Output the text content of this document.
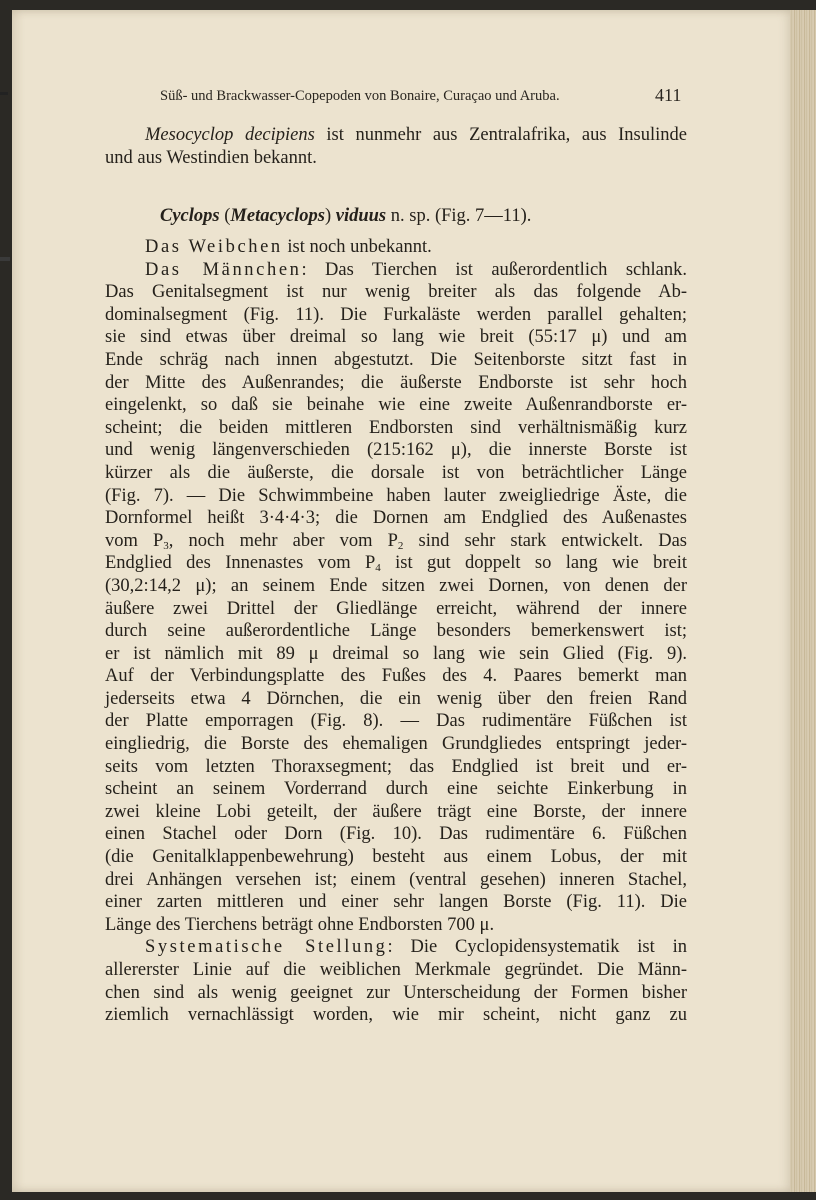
Süß- und Brackwasser-Copepoden von Bonaire, Curaçao und Aruba.	411
Mesocyclop decipiens ist nunmehr aus Zentralafrika, aus Insulinde
und aus Westindien bekannt.
Cyclops (Metacyclops) viduus n. sp. (Fig. 7—11).
Das Weibchen ist noch unbekannt.
Das Männchen: Das Tierchen ist außerordentlich schlank.
Das Genitalsegment ist nur wenig breiter als das folgende Ab-
dominalsegment (Fig. 11). Die Furkaläste werden parallel gehalten;
sie sind etwas über dreimal so lang wie breit (55:17 μ) und am
Ende schräg nach innen abgestutzt. Die Seitenborste sitzt fast in
der Mitte des Außenrandes; die äußerste Endborste ist sehr hoch
eingelenkt, so daß sie beinahe wie eine zweite Außenrandborste er-
scheint; die beiden mittleren Endborsten sind verhältnismäßig kurz
und wenig längenverschieden (215:162 μ), die innerste Borste ist
kürzer als die äußerste, die dorsale ist von beträchtlicher Länge
(Fig. 7). — Die Schwimmbeine haben lauter zweigliedrige Äste, die
Dornformel heißt 3·4·4·3; die Dornen am Endglied des Außenastes
vom $P_3$, noch mehr aber vom $P_2$ sind sehr stark entwickelt. Das
Endglied des Innenastes vom $P_4$ ist gut doppelt so lang wie breit
(30,2:14,2 μ); an seinem Ende sitzen zwei Dornen, von denen der
äußere zwei Drittel der Gliedlänge erreicht, während der innere
durch seine außerordentliche Länge besonders bemerkenswert ist;
er ist nämlich mit 89 μ dreimal so lang wie sein Glied (Fig. 9).
Auf der Verbindungsplatte des Fußes des 4. Paares bemerkt man
jederseits etwa 4 Dörnchen, die ein wenig über den freien Rand
der Platte emporragen (Fig. 8). — Das rudimentäre Füßchen ist
eingliedrig, die Borste des ehemaligen Grundgliedes entspringt jeder-
seits vom letzten Thoraxsegment; das Endglied ist breit und er-
scheint an seinem Vorderrand durch eine seichte Einkerbung in
zwei kleine Lobi geteilt, der äußere trägt eine Borste, der innere
einen Stachel oder Dorn (Fig. 10). Das rudimentäre 6. Füßchen
(die Genitalklappenbewehrung) besteht aus einem Lobus, der mit
drei Anhängen versehen ist; einem (ventral gesehen) inneren Stachel,
einer zarten mittleren und einer sehr langen Borste (Fig. 11). Die
Länge des Tierchens beträgt ohne Endborsten 700 μ.
Systematische Stellung: Die Cyclopidensystematik ist in
allererster Linie auf die weiblichen Merkmale gegründet. Die Männ-
chen sind als wenig geeignet zur Unterscheidung der Formen bisher
ziemlich vernachlässigt worden, wie mir scheint, nicht ganz zu
